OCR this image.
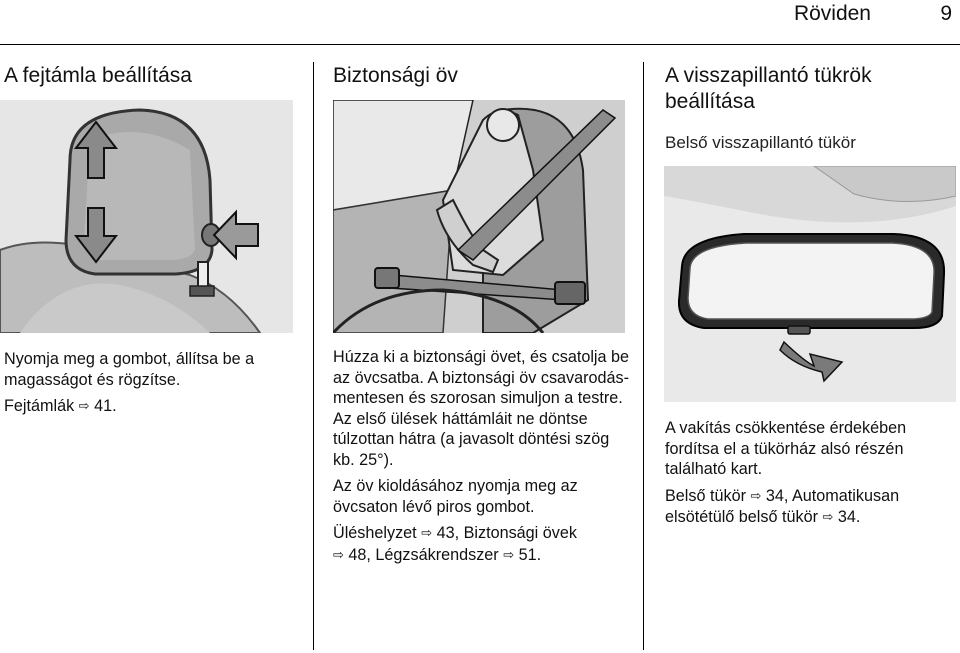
Röviden	9
A fejtámla beállítása

Nyomja meg a gombot, állítsa be a magasságot és rögzítse.

Fejtámlák ⇨ 41.

Biztonsági öv

Húzza ki a biztonsági övet, és csatolja be az övcsatba. A biztonsági öv csavarodás-mentesen és szorosan simuljon a testre. Az első ülések háttámláit ne döntse túlzottan hátra (a javasolt döntési szög kb. 25°).

Az öv kioldásához nyomja meg az övcsaton lévő piros gombot.

Üléshelyzet ⇨ 43, Biztonsági övek
⇨ 48, Légzsákrendszer ⇨ 51.

A visszapillantó tükrök beállítása
Belső visszapillantó tükör

A vakítás csökkentése érdekében fordítsa el a tükörház alsó részén található kart.

Belső tükör ⇨ 34, Automatikusan elsötétülő belső tükör ⇨ 34.
